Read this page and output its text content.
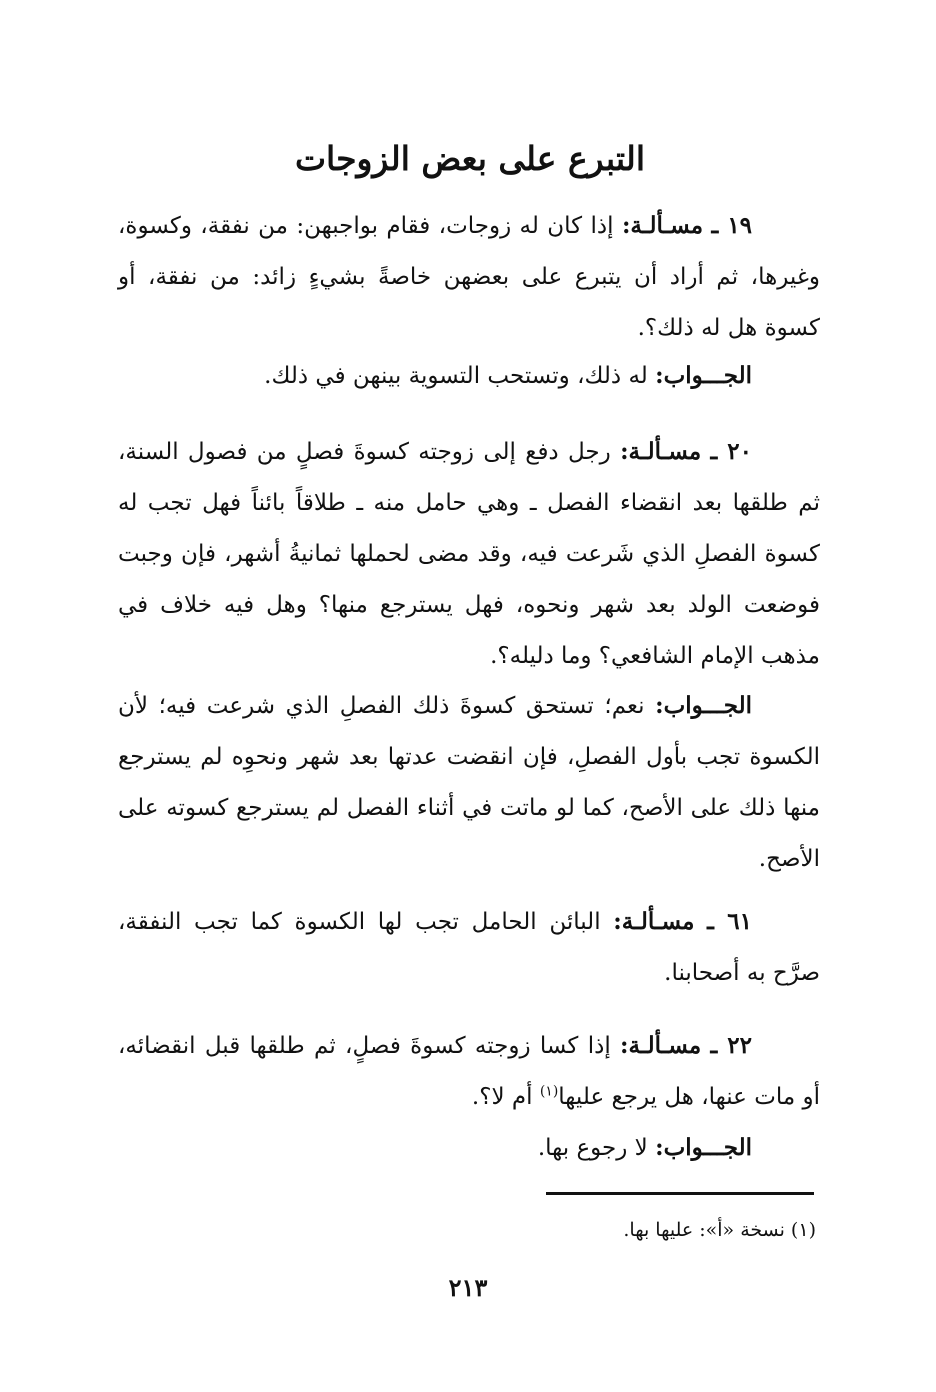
التبرع على بعض الزوجات

١٩ ـ مسـألـة: إذا كان له زوجات، فقام بواجبهن: من نفقة، وكسوة، وغيرها، ثم أراد أن يتبرع على بعضهن خاصةً بشيءٍ زائد: من نفقة، أو كسوة هل له ذلك؟.

الجـــواب: له ذلك، وتستحب التسوية بينهن في ذلك.

٢٠ ـ مسـألـة: رجل دفع إلى زوجته كسوةَ فصلٍ من فصول السنة، ثم طلقها بعد انقضاء الفصل ـ وهي حامل منه ـ طلاقاً بائناً فهل تجب له كسوة الفصلِ الذي شَرعت فيه، وقد مضى لحملها ثمانيةُ أشهر، فإن وجبت فوضعت الولد بعد شهر ونحوه، فهل يسترجع منها؟ وهل فيه خلاف في مذهب الإمام الشافعي؟ وما دليله؟.

الجـــواب: نعم؛ تستحق كسوةَ ذلك الفصلِ الذي شرعت فيه؛ لأن الكسوة تجب بأول الفصلِ، فإن انقضت عدتها بعد شهر ونحوِه لم يسترجع منها ذلك على الأصح، كما لو ماتت في أثناء الفصل لم يسترجع كسوته على الأصح.

٦١ ـ مسـألـة: البائن الحامل تجب لها الكسوة كما تجب النفقة، صرَّح به أصحابنا.

٢٢ ـ مسـألـة: إذا كسا زوجته كسوةَ فصلٍ، ثم طلقها قبل انقضائه، أو مات عنها، هل يرجع عليها$^{(١)}$ أم لا؟.

الجـــواب: لا رجوع بها.

(١) نسخة «أ»: عليها بها.

٢١٣
